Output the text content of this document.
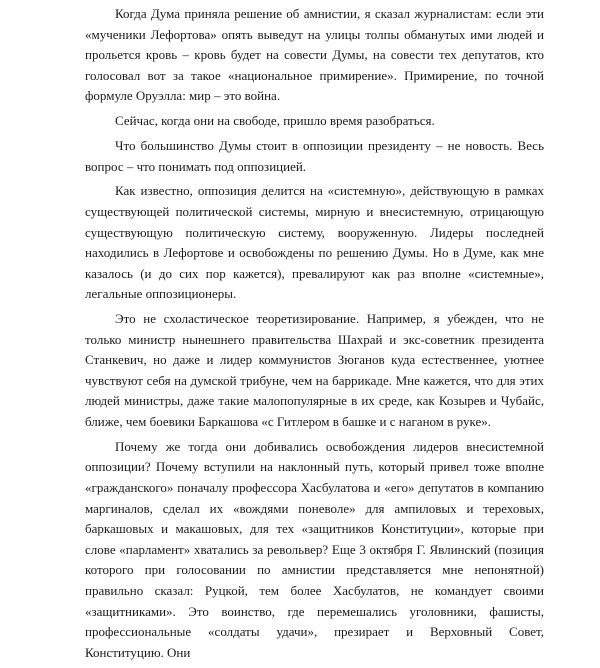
Когда Дума приняла решение об амнистии, я сказал журналистам: если эти «мученики Лефортова» опять выведут на улицы толпы обманутых ими людей и прольется кровь – кровь будет на совести Думы, на совести тех депутатов, кто голосовал вот за такое «национальное примирение». Примирение, по точной формуле Оруэлла: мир – это война.

Сейчас, когда они на свободе, пришло время разобраться.

Что большинство Думы стоит в оппозиции президенту – не новость. Весь вопрос – что понимать под оппозицией.

Как известно, оппозиция делится на «системную», действующую в рамках существующей политической системы, мирную и внесистемную, отрицающую существующую политическую систему, вооруженную. Лидеры последней находились в Лефортове и освобождены по решению Думы. Но в Думе, как мне казалось (и до сих пор кажется), превалируют как раз вполне «системные», легальные оппозиционеры.

Это не схоластическое теоретизирование. Например, я убежден, что не только министр нынешнего правительства Шахрай и экс-советник президента Станкевич, но даже и лидер коммунистов Зюганов куда естественнее, уютнее чувствуют себя на думской трибуне, чем на баррикаде. Мне кажется, что для этих людей министры, даже такие малопопулярные в их среде, как Козырев и Чубайс, ближе, чем боевики Баркашова «с Гитлером в башке и с наганом в руке».

Почему же тогда они добивались освобождения лидеров внесистемной оппозиции? Почему вступили на наклонный путь, который привел тоже вполне «гражданского» поначалу профессора Хасбулатова и «его» депутатов в компанию маргиналов, сделал их «вождями поневоле» для ампиловых и тереховых, баркашовых и макашовых, для тех «защитников Конституции», которые при слове «парламент» хватались за револьвер? Еще 3 октября Г. Явлинский (позиция которого при голосовании по амнистии представляется мне непонятной) правильно сказал: Руцкой, тем более Хасбулатов, не командует своими «защитниками». Это воинство, где перемешались уголовники, фашисты, профессиональные «солдаты удачи», презирает и Верховный Совет, Конституцию. Они
